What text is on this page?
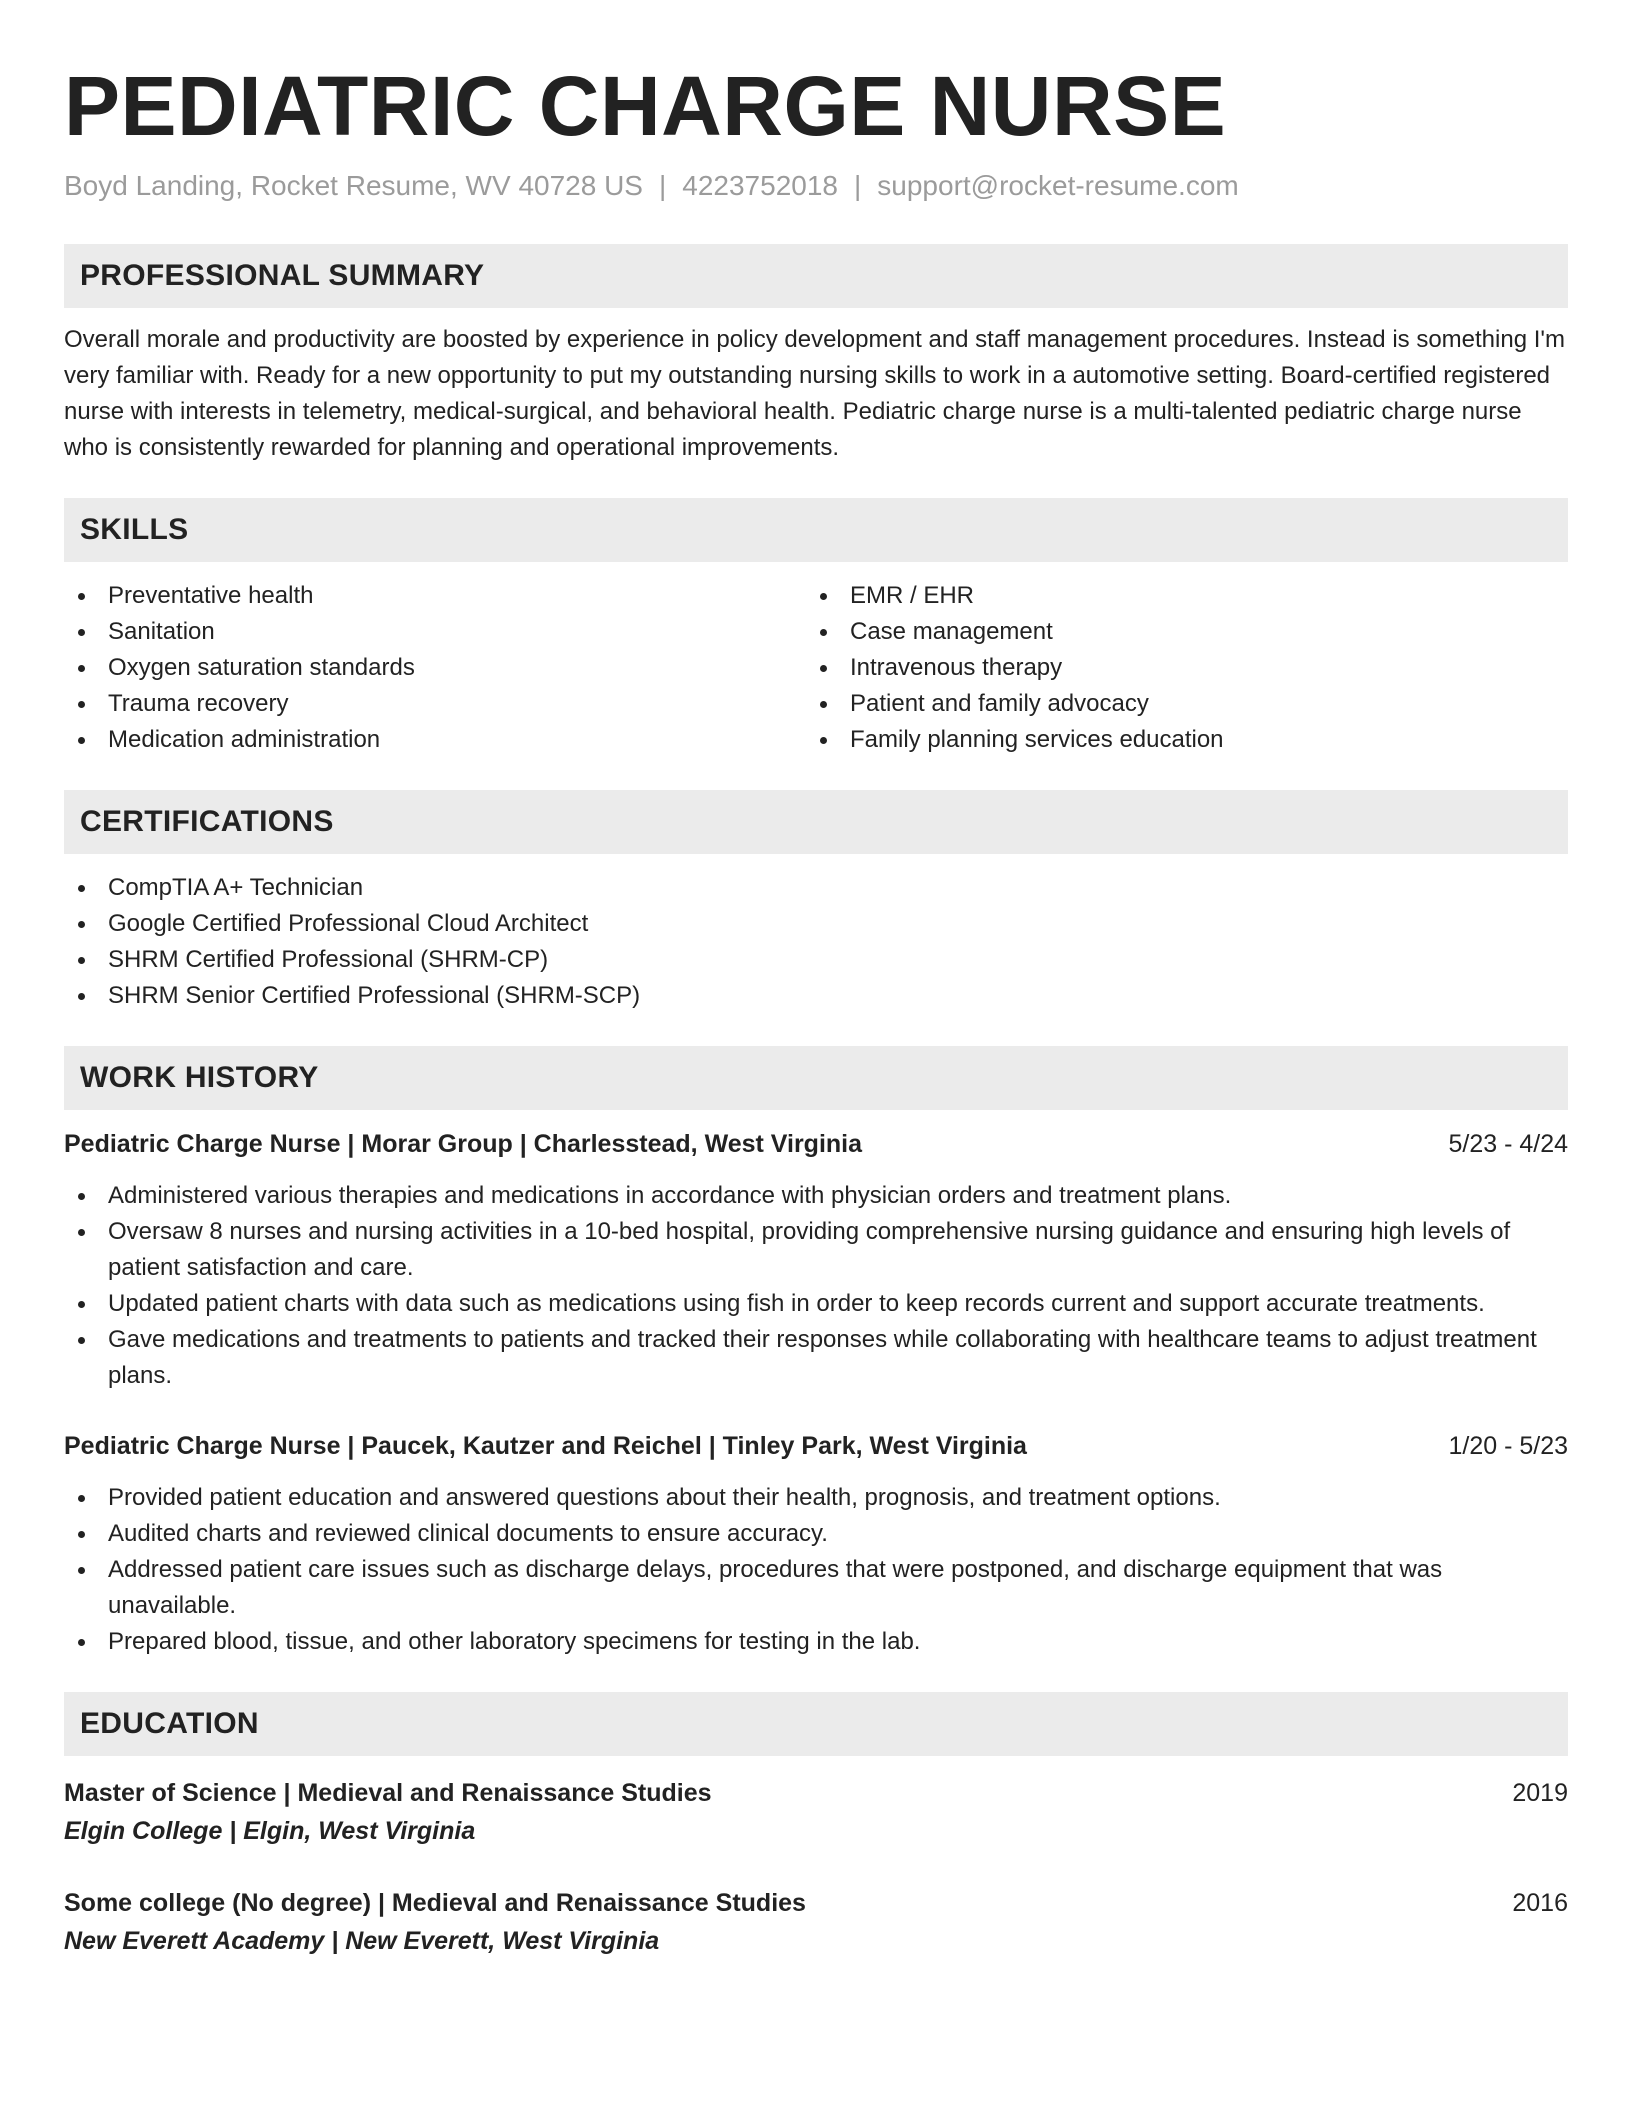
PEDIATRIC CHARGE NURSE
Boyd Landing, Rocket Resume, WV 40728 US | 4223752018 | support@rocket-resume.com
PROFESSIONAL SUMMARY

Overall morale and productivity are boosted by experience in policy development and staff management procedures. Instead is something I'm very familiar with. Ready for a new opportunity to put my outstanding nursing skills to work in a automotive setting. Board-certified registered nurse with interests in telemetry, medical-surgical, and behavioral health. Pediatric charge nurse is a multi-talented pediatric charge nurse who is consistently rewarded for planning and operational improvements.

SKILLS
Preventative health
Sanitation
Oxygen saturation standards
Trauma recovery
Medication administration
EMR / EHR
Case management
Intravenous therapy
Patient and family advocacy
Family planning services education
CERTIFICATIONS
CompTIA A+ Technician
Google Certified Professional Cloud Architect
SHRM Certified Professional (SHRM-CP)
SHRM Senior Certified Professional (SHRM-SCP)
WORK HISTORY
Pediatric Charge Nurse | Morar Group | Charlesstead, West Virginia	5/23 - 4/24
Administered various therapies and medications in accordance with physician orders and treatment plans.
Oversaw 8 nurses and nursing activities in a 10-bed hospital, providing comprehensive nursing guidance and ensuring high levels of patient satisfaction and care.
Updated patient charts with data such as medications using fish in order to keep records current and support accurate treatments.
Gave medications and treatments to patients and tracked their responses while collaborating with healthcare teams to adjust treatment plans.
Pediatric Charge Nurse | Paucek, Kautzer and Reichel | Tinley Park, West Virginia	1/20 - 5/23
Provided patient education and answered questions about their health, prognosis, and treatment options.
Audited charts and reviewed clinical documents to ensure accuracy.
Addressed patient care issues such as discharge delays, procedures that were postponed, and discharge equipment that was unavailable.
Prepared blood, tissue, and other laboratory specimens for testing in the lab.
EDUCATION
Master of Science | Medieval and Renaissance Studies	2019
Elgin College | Elgin, West Virginia
Some college (No degree) | Medieval and Renaissance Studies	2016
New Everett Academy | New Everett, West Virginia
